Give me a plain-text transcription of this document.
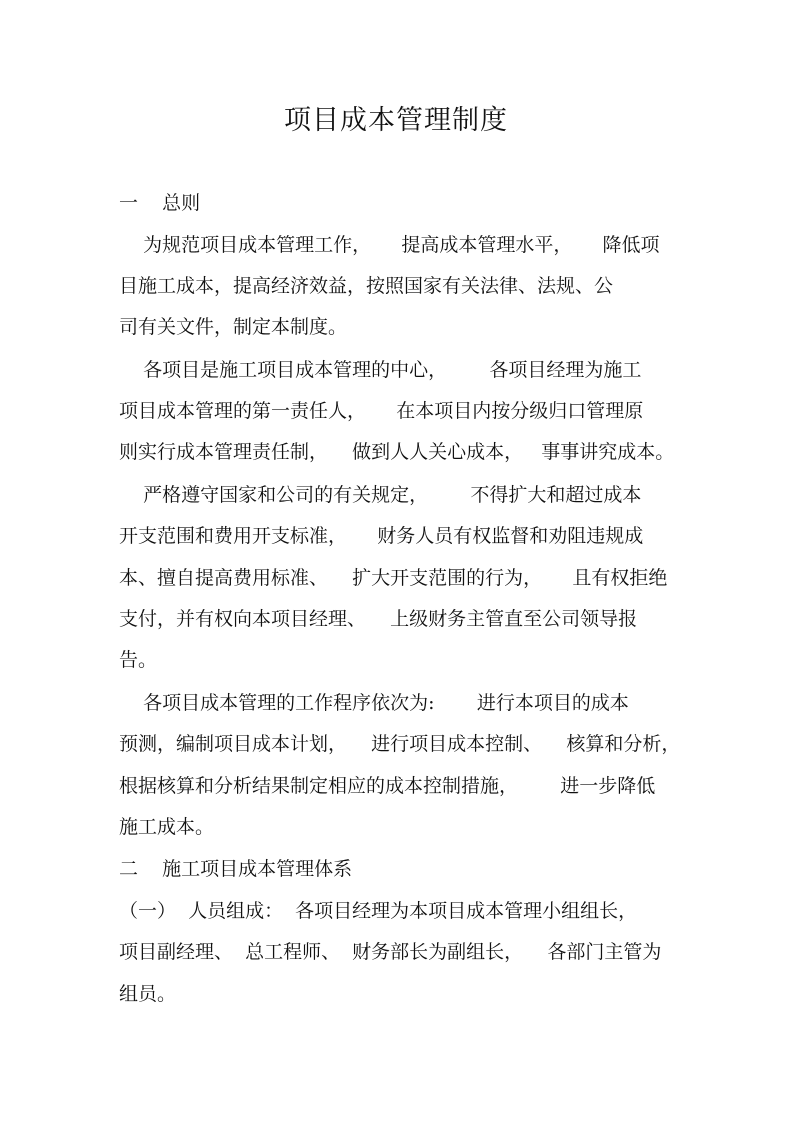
项目成本管理制度
一    总则
为规范项目成本管理工作，     提高成本管理水平，     降低项
目施工成本，提高经济效益，按照国家有关法律、法规、公
司有关文件，制定本制度。
各项目是施工项目成本管理的中心，       各项目经理为施工
项目成本管理的第一责任人，     在本项目内按分级归口管理原
则实行成本管理责任制，    做到人人关心成本，   事事讲究成本。
严格遵守国家和公司的有关规定，       不得扩大和超过成本
开支范围和费用开支标准，     财务人员有权监督和劝阻违规成
本、擅自提高费用标准、    扩大开支范围的行为，     且有权拒绝
支付，并有权向本项目经理、    上级财务主管直至公司领导报
告。
各项目成本管理的工作程序依次为:       进行本项目的成本
预测，编制项目成本计划，    进行项目成本控制、    核算和分析，
根据核算和分析结果制定相应的成本控制措施，       进一步降低
施工成本。
二    施工项目成本管理体系
（一）  人员组成：  各项目经理为本项目成本管理小组组长，
项目副经理、  总工程师、  财务部长为副组长，    各部门主管为
组员。
